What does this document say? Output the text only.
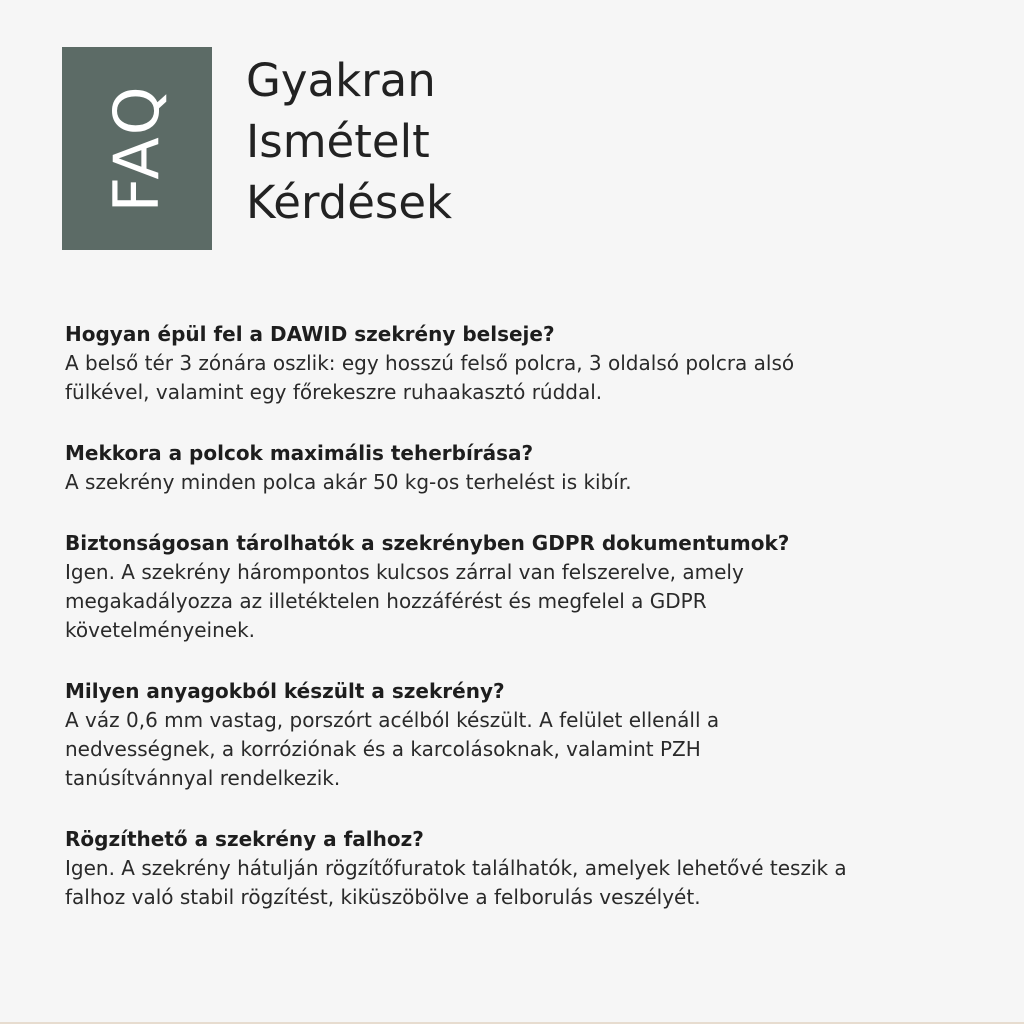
FAQ
Gyakran
Ismételt
Kérdések
Hogyan épül fel a DAWID szekrény belseje?
A belső tér 3 zónára oszlik: egy hosszú felső polcra, 3 oldalsó polcra alsó
fülkével, valamint egy főrekeszre ruhaakasztó rúddal.
Mekkora a polcok maximális teherbírása?
A szekrény minden polca akár 50 kg-os terhelést is kibír.
Biztonságosan tárolhatók a szekrényben GDPR dokumentumok?
Igen. A szekrény hárompontos kulcsos zárral van felszerelve, amely
megakadályozza az illetéktelen hozzáférést és megfelel a GDPR
követelményeinek.
Milyen anyagokból készült a szekrény?
A váz 0,6 mm vastag, porszórt acélból készült. A felület ellenáll a
nedvességnek, a korróziónak és a karcolásoknak, valamint PZH
tanúsítvánnyal rendelkezik.
Rögzíthető a szekrény a falhoz?
Igen. A szekrény hátulján rögzítőfuratok találhatók, amelyek lehetővé teszik a
falhoz való stabil rögzítést, kiküszöbölve a felborulás veszélyét.
